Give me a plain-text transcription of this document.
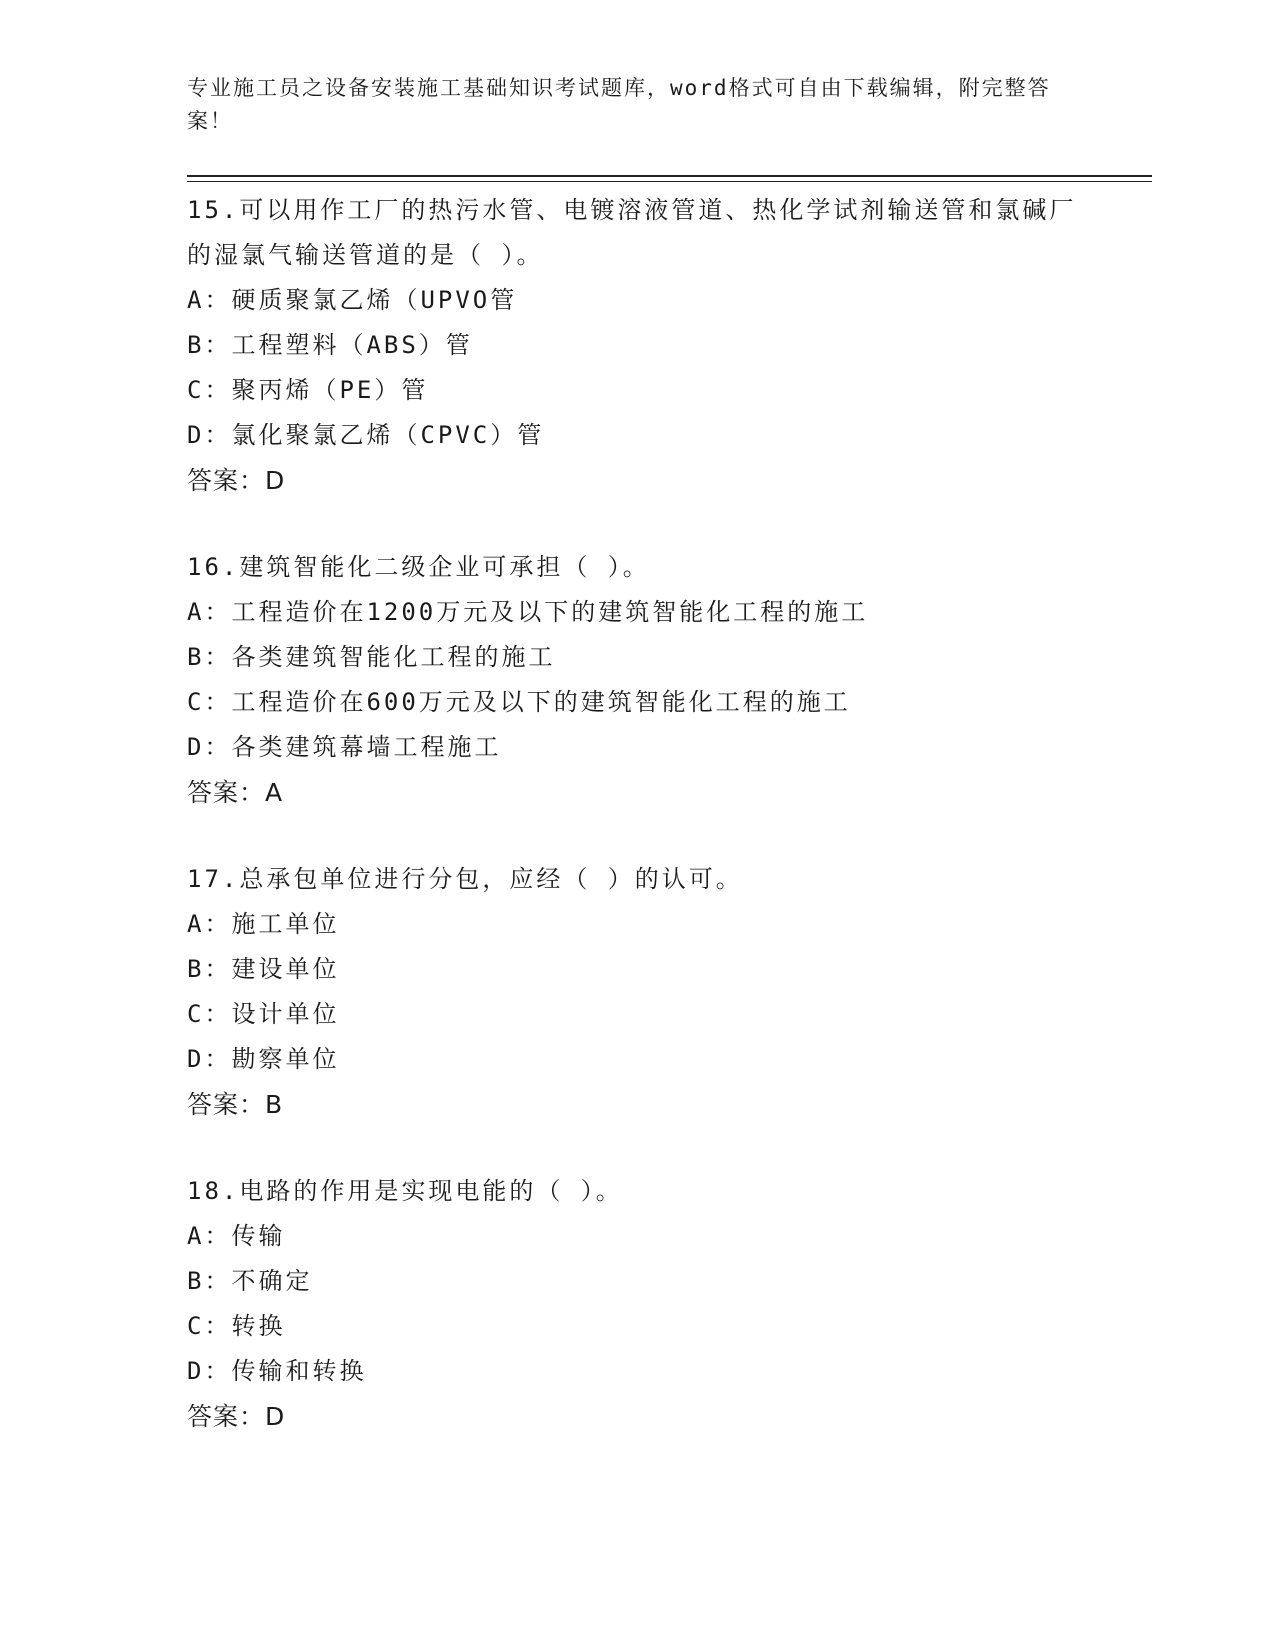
专业施工员之设备安装施工基础知识考试题库，word格式可自由下载编辑，附完整答案！

15.可以用作工厂的热污水管、电镀溶液管道、热化学试剂输送管和氯碱厂的湿氯气输送管道的是（ ）。

A：硬质聚氯乙烯（UPVO管

B：工程塑料（ABS）管

C：聚丙烯（PE）管

D：氯化聚氯乙烯（CPVC）管

答案：D

16.建筑智能化二级企业可承担（ ）。

A：工程造价在1200万元及以下的建筑智能化工程的施工

B：各类建筑智能化工程的施工

C：工程造价在600万元及以下的建筑智能化工程的施工

D：各类建筑幕墙工程施工

答案：A

17.总承包单位进行分包，应经（ ）的认可。

A：施工单位

B：建设单位

C：设计单位

D：勘察单位

答案：B

18.电路的作用是实现电能的（ ）。

A：传输

B：不确定

C：转换

D：传输和转换

答案：D
